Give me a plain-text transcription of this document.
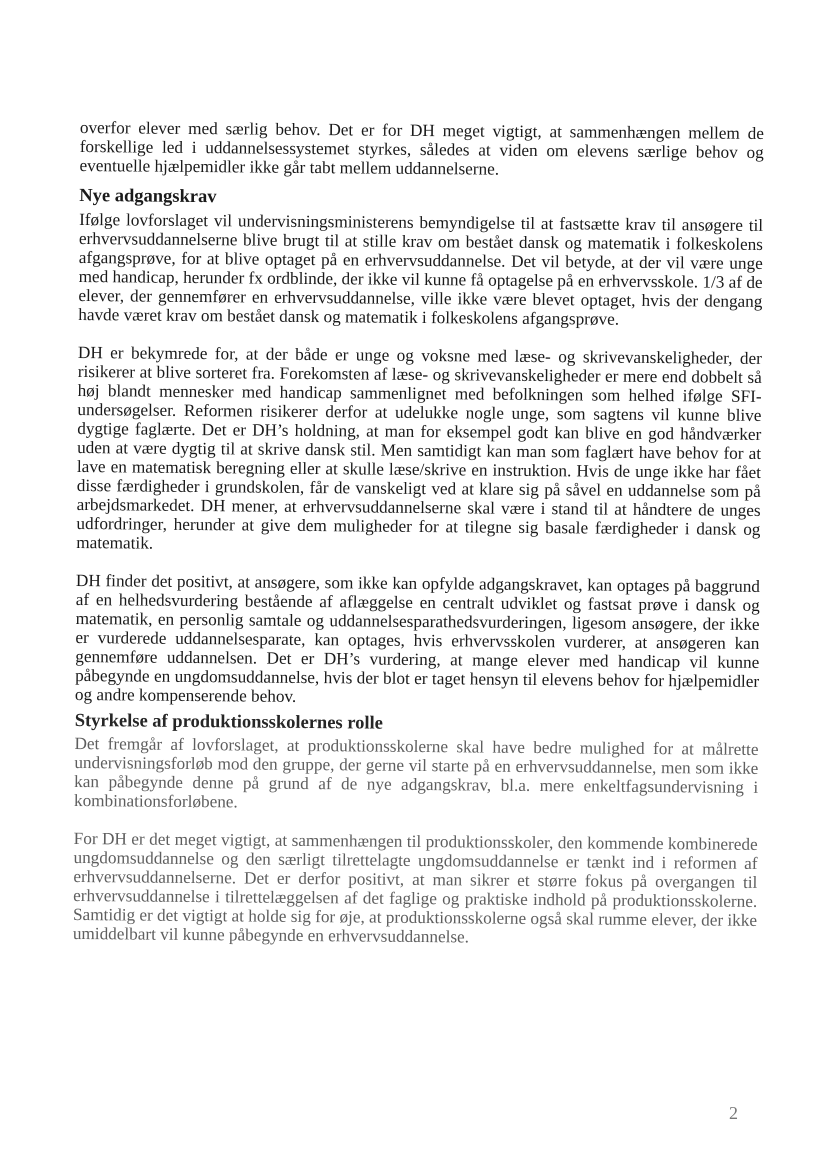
overfor elever med særlig behov. Det er for DH meget vigtigt, at sammenhængen mellem de forskellige led i uddannelsessystemet styrkes, således at viden om elevens særlige behov og eventuelle hjælpemidler ikke går tabt mellem uddannelserne.

Nye adgangskrav

Ifølge lovforslaget vil undervisningsministerens bemyndigelse til at fastsætte krav til ansøgere til erhvervsuddannelserne blive brugt til at stille krav om bestået dansk og matematik i folkeskolens afgangsprøve, for at blive optaget på en erhvervsuddannelse. Det vil betyde, at der vil være unge med handicap, herunder fx ordblinde, der ikke vil kunne få optagelse på en erhvervsskole. 1/3 af de elever, der gennemfører en erhvervsuddannelse, ville ikke være blevet optaget, hvis der dengang havde været krav om bestået dansk og matematik i folkeskolens afgangsprøve.

DH er bekymrede for, at der både er unge og voksne med læse- og skrivevanskeligheder, der risikerer at blive sorteret fra. Forekomsten af læse- og skrivevanskeligheder er mere end dobbelt så høj blandt mennesker med handicap sammenlignet med befolkningen som helhed ifølge SFI-undersøgelser. Reformen risikerer derfor at udelukke nogle unge, som sagtens vil kunne blive dygtige faglærte. Det er DH’s holdning, at man for eksempel godt kan blive en god håndværker uden at være dygtig til at skrive dansk stil. Men samtidigt kan man som faglært have behov for at lave en matematisk beregning eller at skulle læse/skrive en instruktion. Hvis de unge ikke har fået disse færdigheder i grundskolen, får de vanskeligt ved at klare sig på såvel en uddannelse som på arbejdsmarkedet. DH mener, at erhvervsuddannelserne skal være i stand til at håndtere de unges udfordringer, herunder at give dem muligheder for at tilegne sig basale færdigheder i dansk og matematik.

DH finder det positivt, at ansøgere, som ikke kan opfylde adgangskravet, kan optages på baggrund af en helhedsvurdering bestående af aflæggelse en centralt udviklet og fastsat prøve i dansk og matematik, en personlig samtale og uddannelsesparathedsvurderingen, ligesom ansøgere, der ikke er vurderede uddannelsesparate, kan optages, hvis erhvervsskolen vurderer, at ansøgeren kan gennemføre uddannelsen. Det er DH’s vurdering, at mange elever med handicap vil kunne påbegynde en ungdomsuddannelse, hvis der blot er taget hensyn til elevens behov for hjælpemidler og andre kompenserende behov.

Styrkelse af produktionsskolernes rolle

Det fremgår af lovforslaget, at produktionsskolerne skal have bedre mulighed for at målrette undervisningsforløb mod den gruppe, der gerne vil starte på en erhvervsuddannelse, men som ikke kan påbegynde denne på grund af de nye adgangskrav, bl.a. mere enkeltfagsundervisning i kombinationsforløbene.

For DH er det meget vigtigt, at sammenhængen til produktionsskoler, den kommende kombinerede ungdomsuddannelse og den særligt tilrettelagte ungdomsuddannelse er tænkt ind i reformen af erhvervsuddannelserne. Det er derfor positivt, at man sikrer et større fokus på overgangen til erhvervsuddannelse i tilrettelæggelsen af det faglige og praktiske indhold på produktionsskolerne. Samtidig er det vigtigt at holde sig for øje, at produktionsskolerne også skal rumme elever, der ikke umiddelbart vil kunne påbegynde en erhvervsuddannelse.

2
